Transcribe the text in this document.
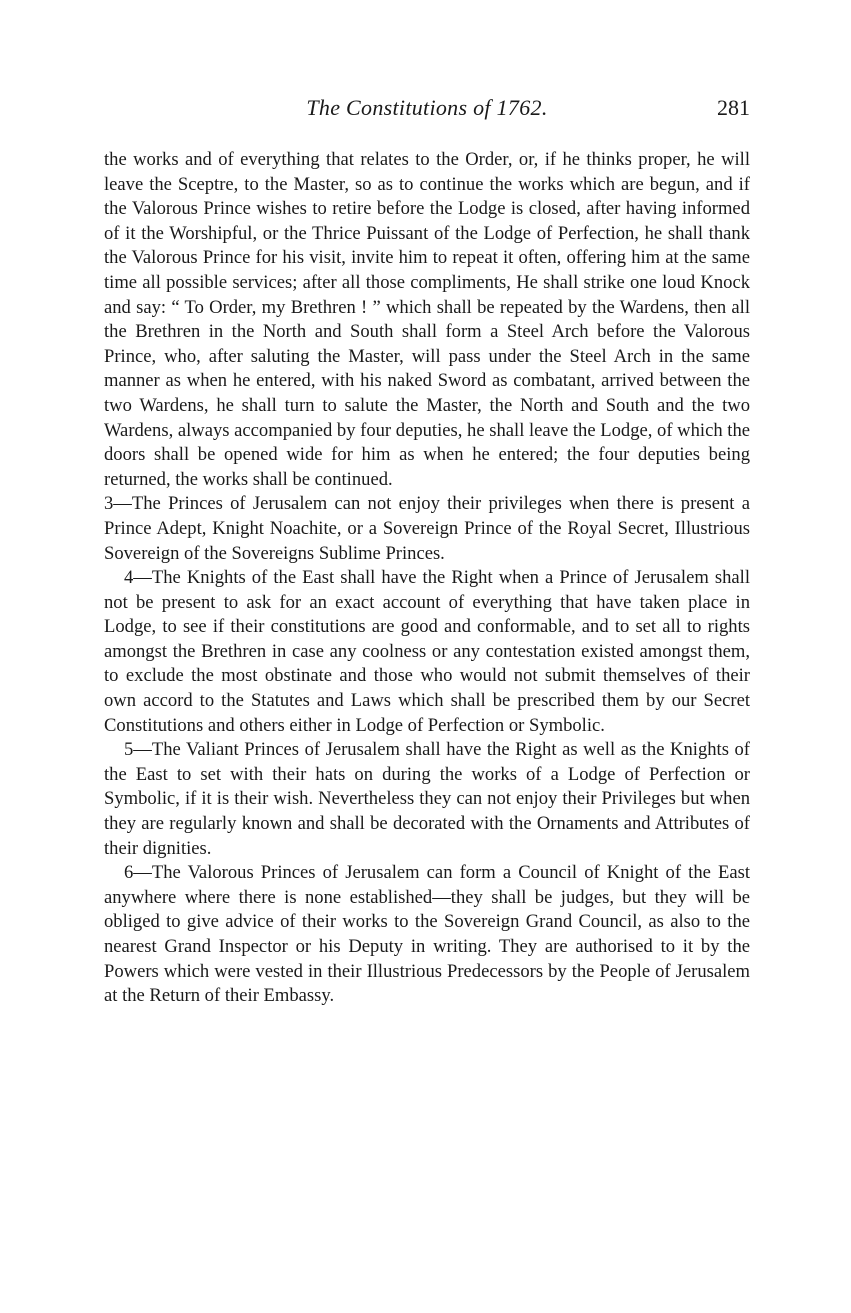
The Constitutions of 1762.	281

the works and of everything that relates to the Order, or, if he thinks proper, he will leave the Sceptre, to the Master, so as to continue the works which are begun, and if the Valorous Prince wishes to retire before the Lodge is closed, after having informed of it the Worshipful, or the Thrice Puissant of the Lodge of Perfection, he shall thank the Valorous Prince for his visit, invite him to repeat it often, offering him at the same time all possible services; after all those compliments, He shall strike one loud Knock and say: “ To Order, my Brethren ! ” which shall be repeated by the Wardens, then all the Brethren in the North and South shall form a Steel Arch before the Valorous Prince, who, after saluting the Master, will pass under the Steel Arch in the same manner as when he entered, with his naked Sword as combatant, arrived between the two Wardens, he shall turn to salute the Master, the North and South and the two Wardens, always accompanied by four deputies, he shall leave the Lodge, of which the doors shall be opened wide for him as when he entered; the four deputies being returned, the works shall be continued.

3—The Princes of Jerusalem can not enjoy their privileges when there is present a Prince Adept, Knight Noachite, or a Sovereign Prince of the Royal Secret, Illustrious Sovereign of the Sovereigns Sublime Princes.

4—The Knights of the East shall have the Right when a Prince of Jerusalem shall not be present to ask for an exact account of everything that have taken place in Lodge, to see if their constitutions are good and conformable, and to set all to rights amongst the Brethren in case any coolness or any contestation existed amongst them, to exclude the most obstinate and those who would not submit themselves of their own accord to the Statutes and Laws which shall be prescribed them by our Secret Constitutions and others either in Lodge of Perfection or Symbolic.

5—The Valiant Princes of Jerusalem shall have the Right as well as the Knights of the East to set with their hats on during the works of a Lodge of Perfection or Symbolic, if it is their wish. Nevertheless they can not enjoy their Privileges but when they are regularly known and shall be decorated with the Ornaments and Attributes of their dignities.

6—The Valorous Princes of Jerusalem can form a Council of Knight of the East anywhere where there is none established—they shall be judges, but they will be obliged to give advice of their works to the Sovereign Grand Council, as also to the nearest Grand Inspector or his Deputy in writing. They are authorised to it by the Powers which were vested in their Illustrious Predecessors by the People of Jerusalem at the Return of their Embassy.
